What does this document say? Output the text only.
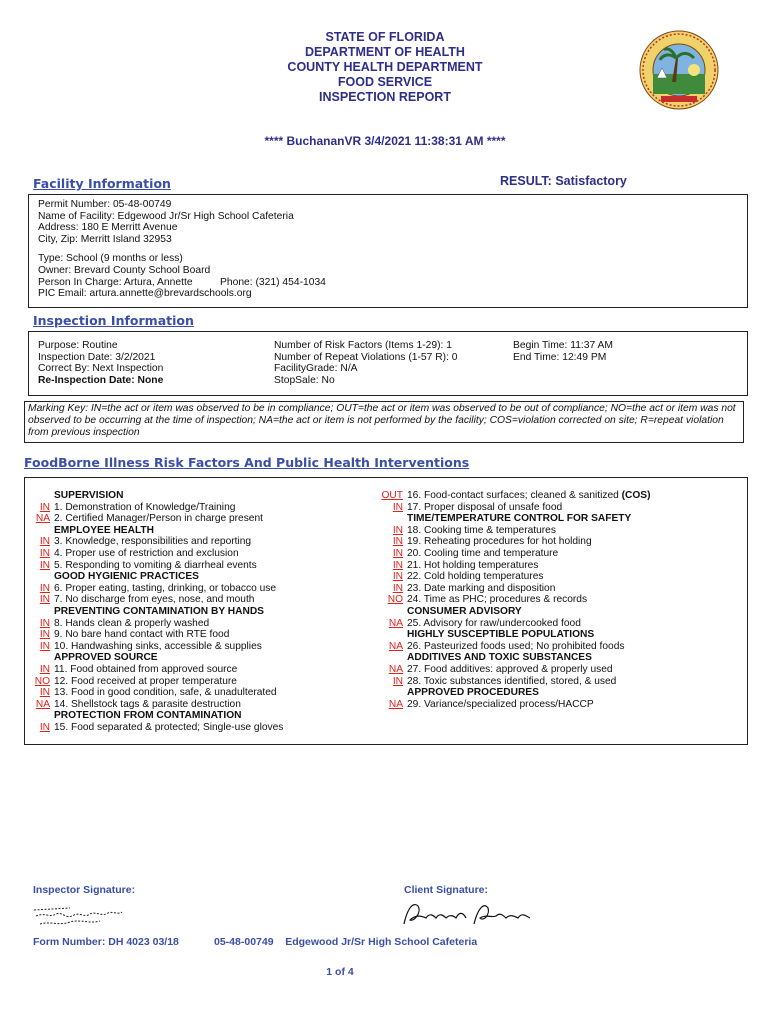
STATE OF FLORIDA
DEPARTMENT OF HEALTH
COUNTY HEALTH DEPARTMENT
FOOD SERVICE
INSPECTION REPORT
**** BuchananVR 3/4/2021 11:38:31 AM ****
Facility Information	RESULT: Satisfactory
Permit Number: 05-48-00749
Name of Facility: Edgewood Jr/Sr High School Cafeteria
Address: 180 E Merritt Avenue
City, Zip: Merritt Island 32953
Type: School (9 months or less)
Owner: Brevard County School Board
Person In Charge: Artura, Annette	Phone: (321) 454-1034
PIC Email: artura.annette@brevardschools.org
Inspection Information
Purpose: Routine
Inspection Date: 3/2/2021
Correct By: Next Inspection
Re-Inspection Date: None
Number of Risk Factors (Items 1-29): 1
Number of Repeat Violations (1-57 R): 0
FacilityGrade: N/A
StopSale: No
Begin Time: 11:37 AM
End Time: 12:49 PM
Marking Key: IN=the act or item was observed to be in compliance; OUT=the act or item was observed to be out of compliance; NO=the act or item was not observed to be occurring at the time of inspection; NA=the act or item is not performed by the facility; COS=violation corrected on site; R=repeat violation from previous inspection
FoodBorne Illness Risk Factors And Public Health Interventions
SUPERVISION
IN 1. Demonstration of Knowledge/Training
NA 2. Certified Manager/Person in charge present
EMPLOYEE HEALTH
IN 3. Knowledge, responsibilities and reporting
IN 4. Proper use of restriction and exclusion
IN 5. Responding to vomiting & diarrheal events
GOOD HYGIENIC PRACTICES
IN 6. Proper eating, tasting, drinking, or tobacco use
IN 7. No discharge from eyes, nose, and mouth
PREVENTING CONTAMINATION BY HANDS
IN 8. Hands clean & properly washed
IN 9. No bare hand contact with RTE food
IN 10. Handwashing sinks, accessible & supplies
APPROVED SOURCE
IN 11. Food obtained from approved source
NO 12. Food received at proper temperature
IN 13. Food in good condition, safe, & unadulterated
NA 14. Shellstock tags & parasite destruction
PROTECTION FROM CONTAMINATION
IN 15. Food separated & protected; Single-use gloves
OUT 16. Food-contact surfaces; cleaned & sanitized (COS)
IN 17. Proper disposal of unsafe food
TIME/TEMPERATURE CONTROL FOR SAFETY
IN 18. Cooking time & temperatures
IN 19. Reheating procedures for hot holding
IN 20. Cooling time and temperature
IN 21. Hot holding temperatures
IN 22. Cold holding temperatures
IN 23. Date marking and disposition
NO 24. Time as PHC; procedures & records
CONSUMER ADVISORY
NA 25. Advisory for raw/undercooked food
HIGHLY SUSCEPTIBLE POPULATIONS
NA 26. Pasteurized foods used; No prohibited foods
ADDITIVES AND TOXIC SUBSTANCES
NA 27. Food additives: approved & properly used
IN 28. Toxic substances identified, stored, & used
APPROVED PROCEDURES
NA 29. Variance/specialized process/HACCP
Inspector Signature:	Client Signature:
Form Number: DH 4023 03/18	05-48-00749    Edgewood Jr/Sr High School Cafeteria
1 of 4
